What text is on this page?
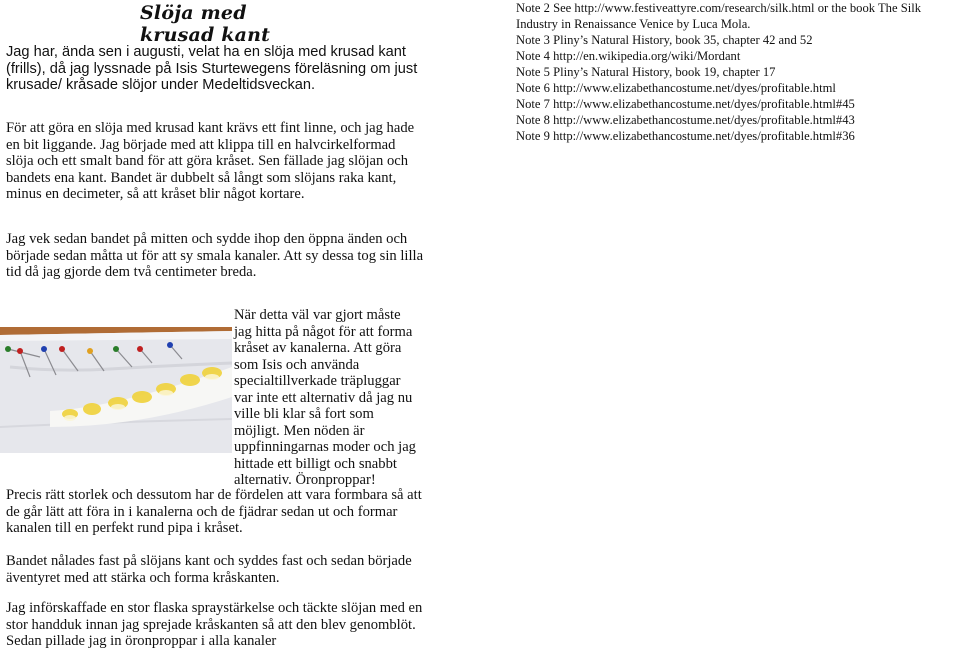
Slöja med krusad kant

Jag har, ända sen i augusti, velat ha en slöja med krusad kant (frills), då jag lyssnade på Isis Sturtewegens föreläsning om just krusade/ kråsade slöjor under Medeltidsveckan.

För att göra en slöja med krusad kant krävs ett fint linne, och jag hade en bit liggande. Jag började med att klippa till en halvcirkelformad slöja och ett smalt band för att göra kråset. Sen fällade jag slöjan och bandets ena kant. Bandet är dubbelt så långt som slöjans raka kant, minus en decimeter, så att kråset blir något kortare.

Jag vek sedan bandet på mitten och sydde ihop den öppna änden och började sedan måtta ut för att sy smala kanaler. Att sy dessa tog sin lilla tid då jag gjorde dem två centimeter breda.

När detta väl var gjort måste jag hitta på något för att forma kråset av kanalerna. Att göra som Isis och använda specialtillverkade träpluggar var inte ett alternativ då jag nu ville bli klar så fort som möjligt. Men nöden är uppfinningarnas moder och jag hittade ett billigt och snabbt alternativ. Öronproppar!

Precis rätt storlek och dessutom har de fördelen att vara formbara så att de går lätt att föra in i kanalerna och de fjädrar sedan ut och formar kanalen till en perfekt rund pipa i kråset.

Bandet nålades fast på slöjans kant och syddes fast och sedan började äventyret med att stärka och forma kråskanten.

Jag införskaffade en stor flaska spraystärkelse och täckte slöjan med en stor handduk innan jag sprejade kråskanten så att den blev genomblöt. Sedan pillade jag in öronproppar i alla kanaler

Note 2 See http://www.festiveattyre.com/research/silk.html or the book The Silk Industry in Renaissance Venice by Luca Mola.
Note 3 Pliny’s Natural History, book 35, chapter 42 and 52
Note 4 http://en.wikipedia.org/wiki/Mordant
Note 5 Pliny’s Natural History, book 19, chapter 17
Note 6 http://www.elizabethancostume.net/dyes/profitable.html
Note 7 http://www.elizabethancostume.net/dyes/profitable.html#45
Note 8 http://www.elizabethancostume.net/dyes/profitable.html#43
Note 9 http://www.elizabethancostume.net/dyes/profitable.html#36
